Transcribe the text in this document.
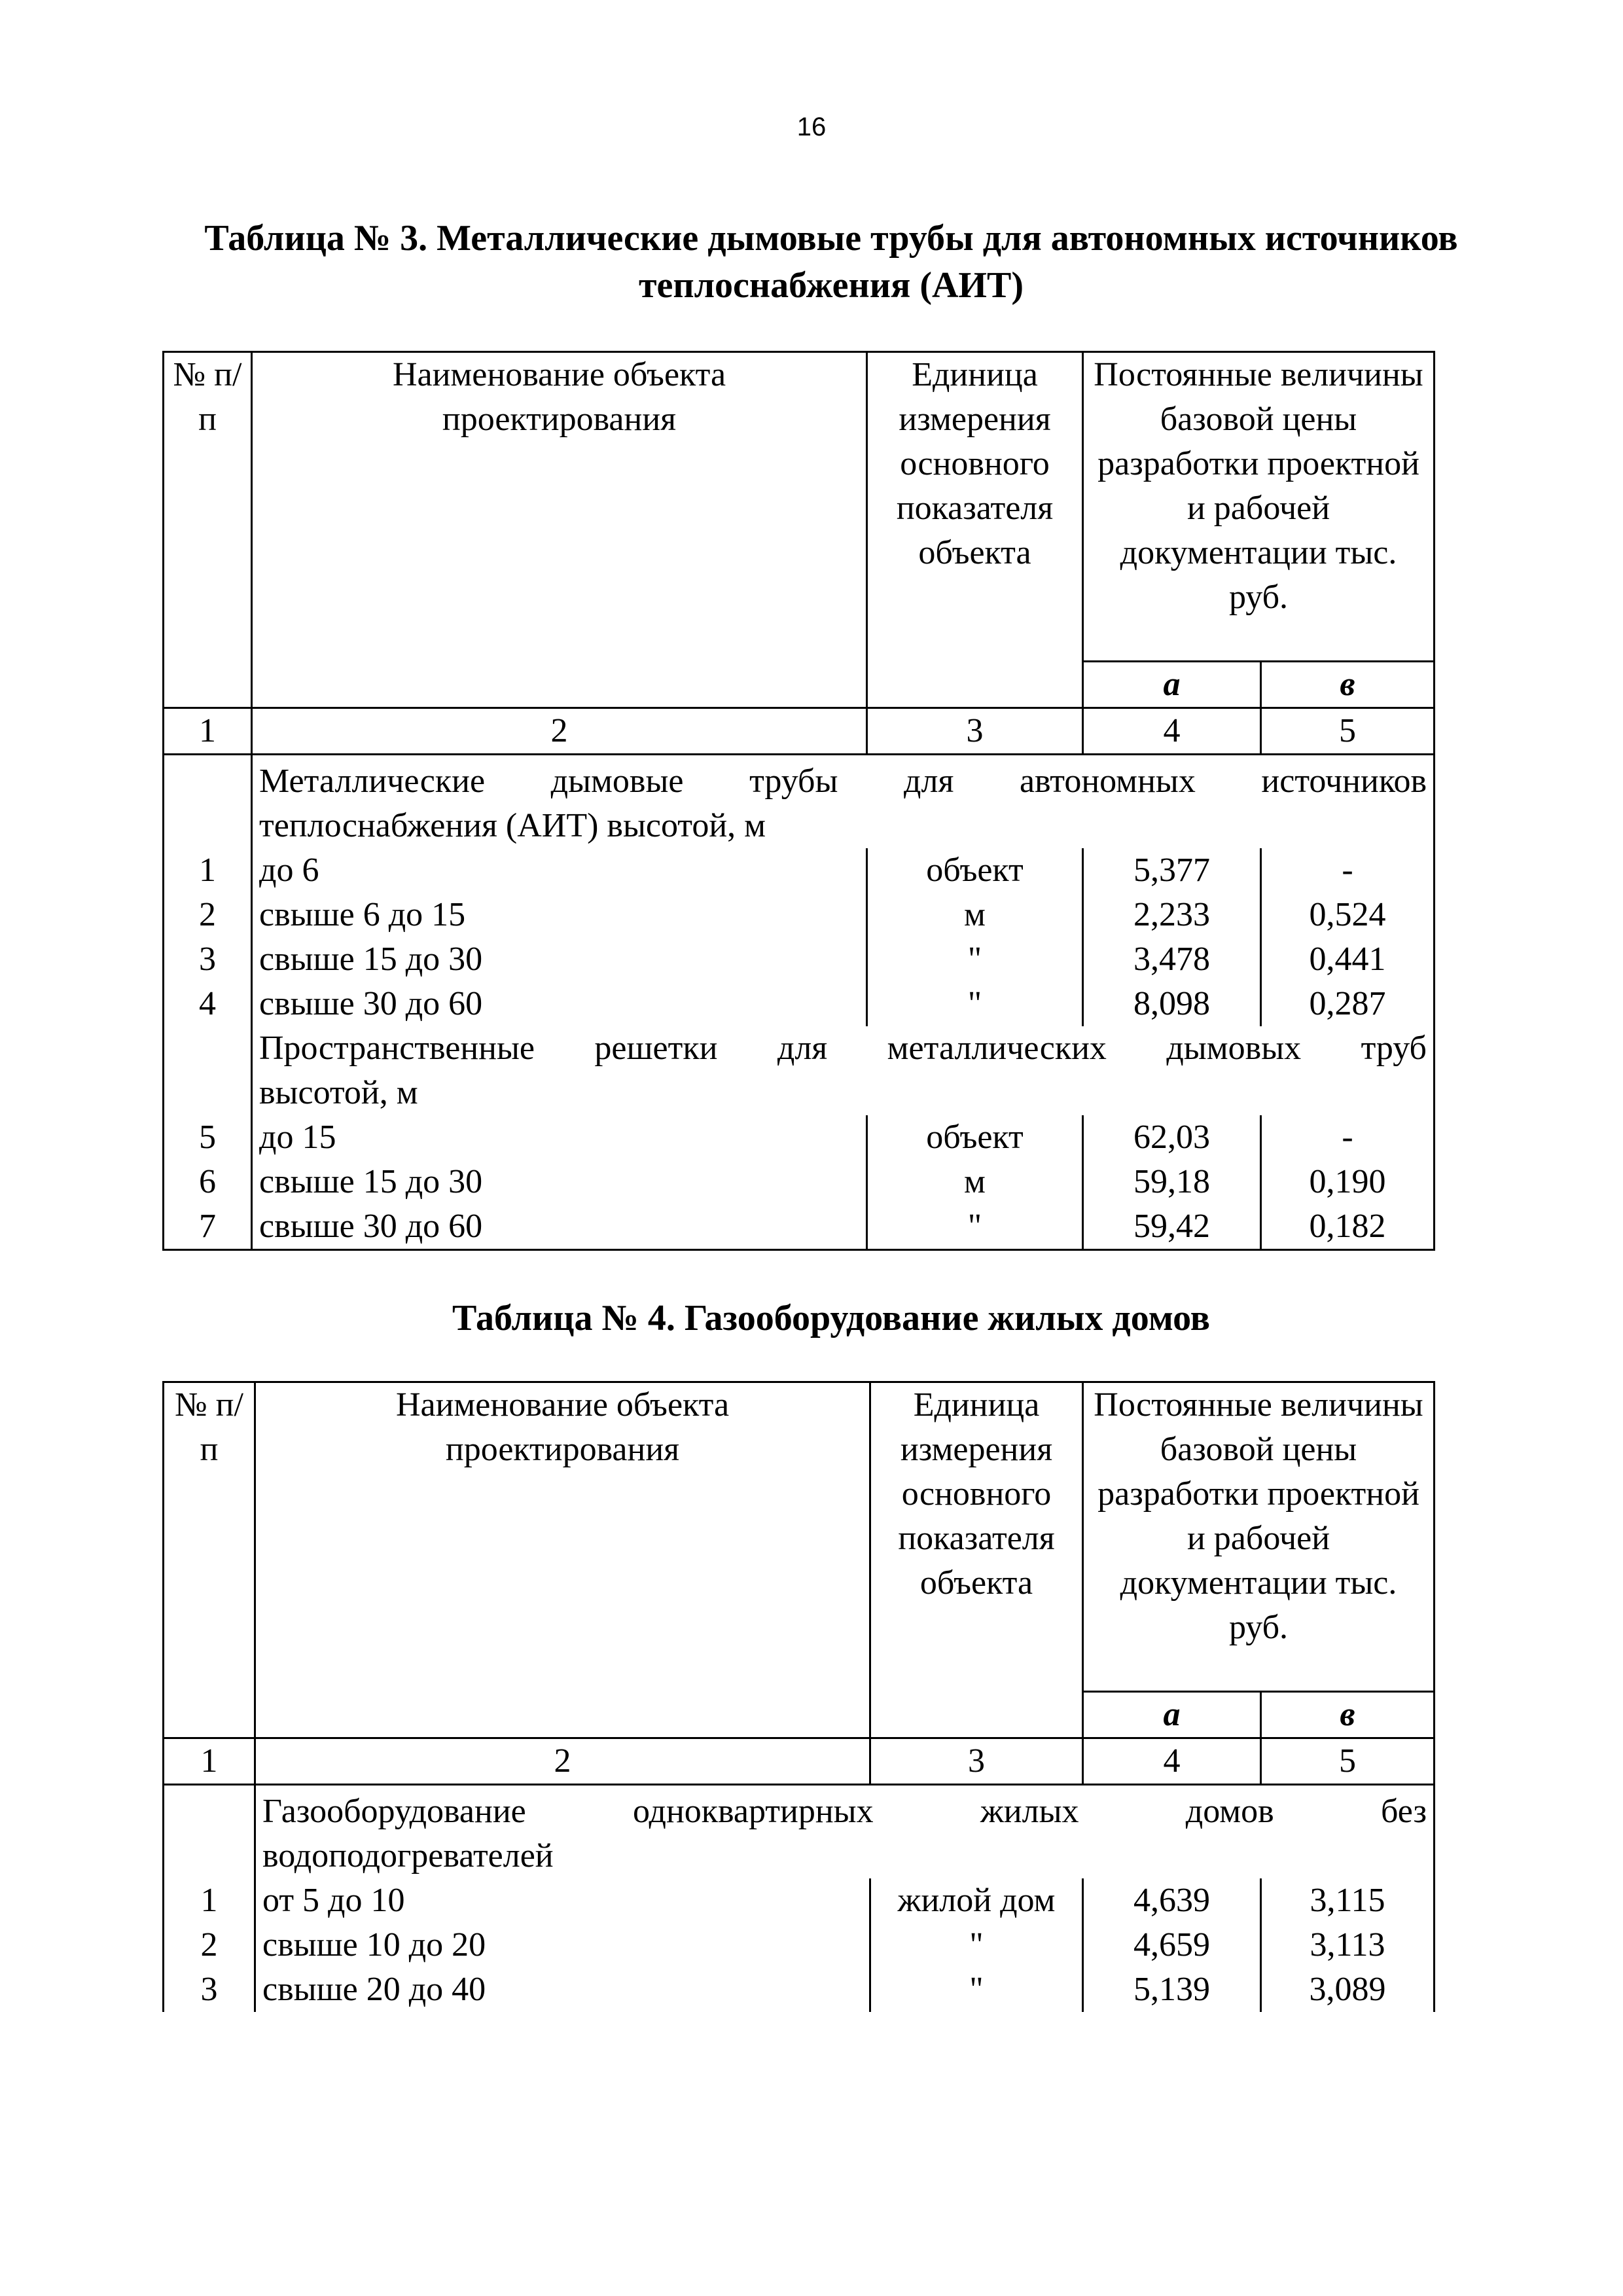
16
Таблица № 3. Металлические дымовые трубы для автономных источников
теплоснабжения (АИТ)
№ п/п	Наименование объекта проектирования	Единица измерения основного показателя объекта	Постоянные величины базовой цены разработки проектной и рабочей документации тыс. руб.	
			а	в
1	2	3	4	5

	Металлические дымовые трубы для автономных источников
теплоснабжения (АИТ) высотой, м			

1	до 6	объект	5,377	-
2	свыше 6 до 15	м	2,233	0,524
3	свыше 15 до 30	"	3,478	0,441
4	свыше 30 до 60	"	8,098	0,287

	Пространственные решетки для металлических дымовых труб
высотой, м			

5	до 15	объект	62,03	-
6	свыше 15 до 30	м	59,18	0,190
7	свыше 30 до 60	"	59,42	0,182
Таблица № 4. Газооборудование жилых домов
№ п/п	Наименование объекта проектирования	Единица измерения основного показателя объекта	Постоянные величины базовой цены разработки проектной и рабочей документации тыс. руб.	
			а	в
1	2	3	4	5

	Газооборудование одноквартирных жилых домов без
водоподогревателей			

1	от 5 до 10	жилой дом	4,639	3,115
2	свыше 10 до 20	"	4,659	3,113
3	свыше 20 до 40	"	5,139	3,089
